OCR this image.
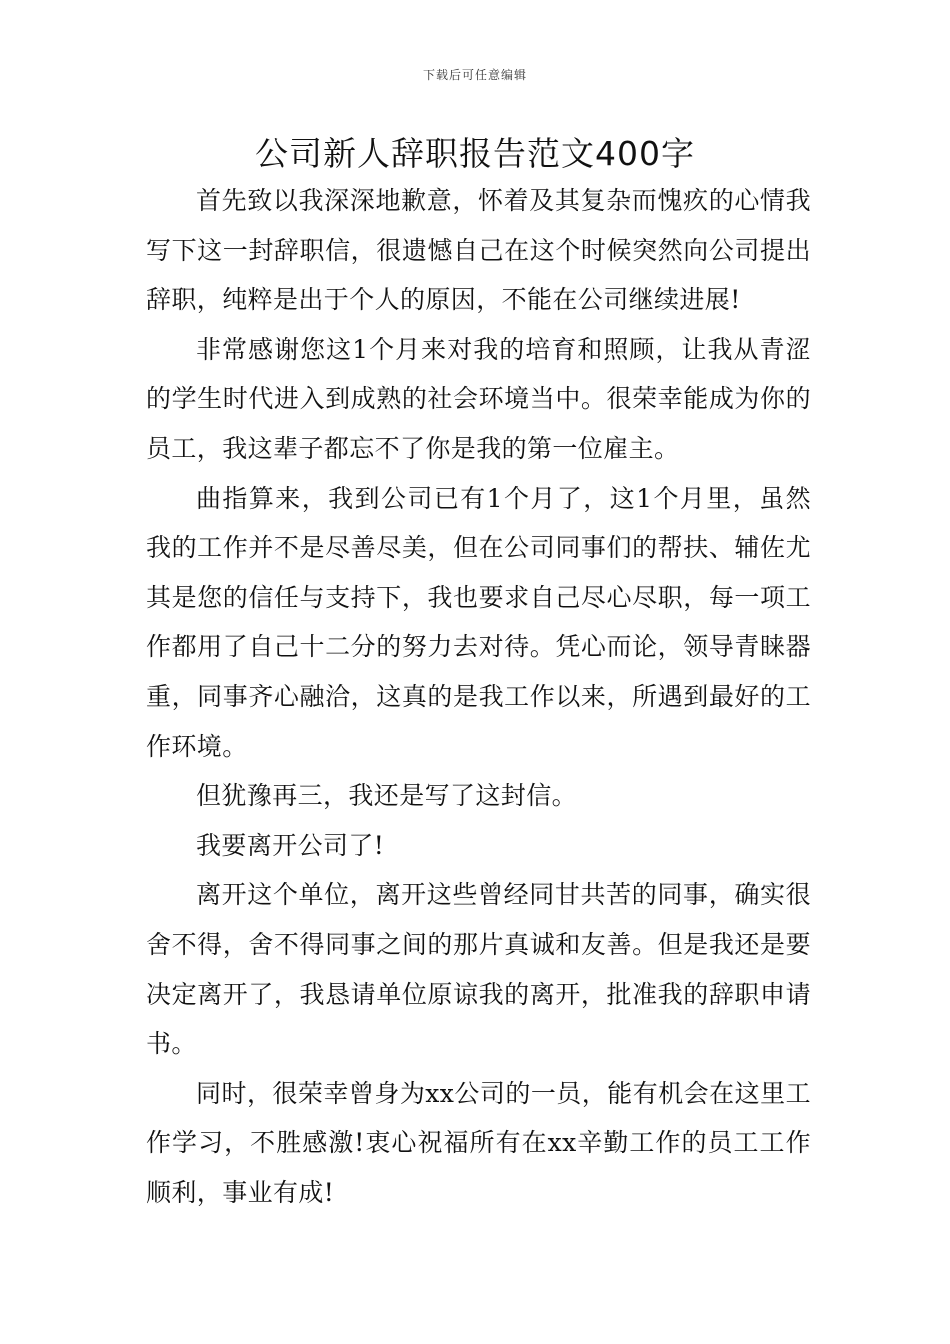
下载后可任意编辑
公司新人辞职报告范文400字

首先致以我深深地歉意，怀着及其复杂而愧疚的心情我写下这一封辞职信，很遗憾自己在这个时候突然向公司提出辞职，纯粹是出于个人的原因，不能在公司继续进展!

非常感谢您这1个月来对我的培育和照顾，让我从青涩的学生时代进入到成熟的社会环境当中。很荣幸能成为你的员工，我这辈子都忘不了你是我的第一位雇主。

曲指算来，我到公司已有1个月了，这1个月里，虽然我的工作并不是尽善尽美，但在公司同事们的帮扶、辅佐尤其是您的信任与支持下，我也要求自己尽心尽职，每一项工作都用了自己十二分的努力去对待。凭心而论，领导青睐器重，同事齐心融洽，这真的是我工作以来，所遇到最好的工作环境。

但犹豫再三，我还是写了这封信。

我要离开公司了!

离开这个单位，离开这些曾经同甘共苦的同事，确实很舍不得，舍不得同事之间的那片真诚和友善。但是我还是要决定离开了，我恳请单位原谅我的离开，批准我的辞职申请书。

同时，很荣幸曾身为xx公司的一员，能有机会在这里工作学习，不胜感激!衷心祝福所有在xx辛勤工作的员工工作顺利，事业有成!
